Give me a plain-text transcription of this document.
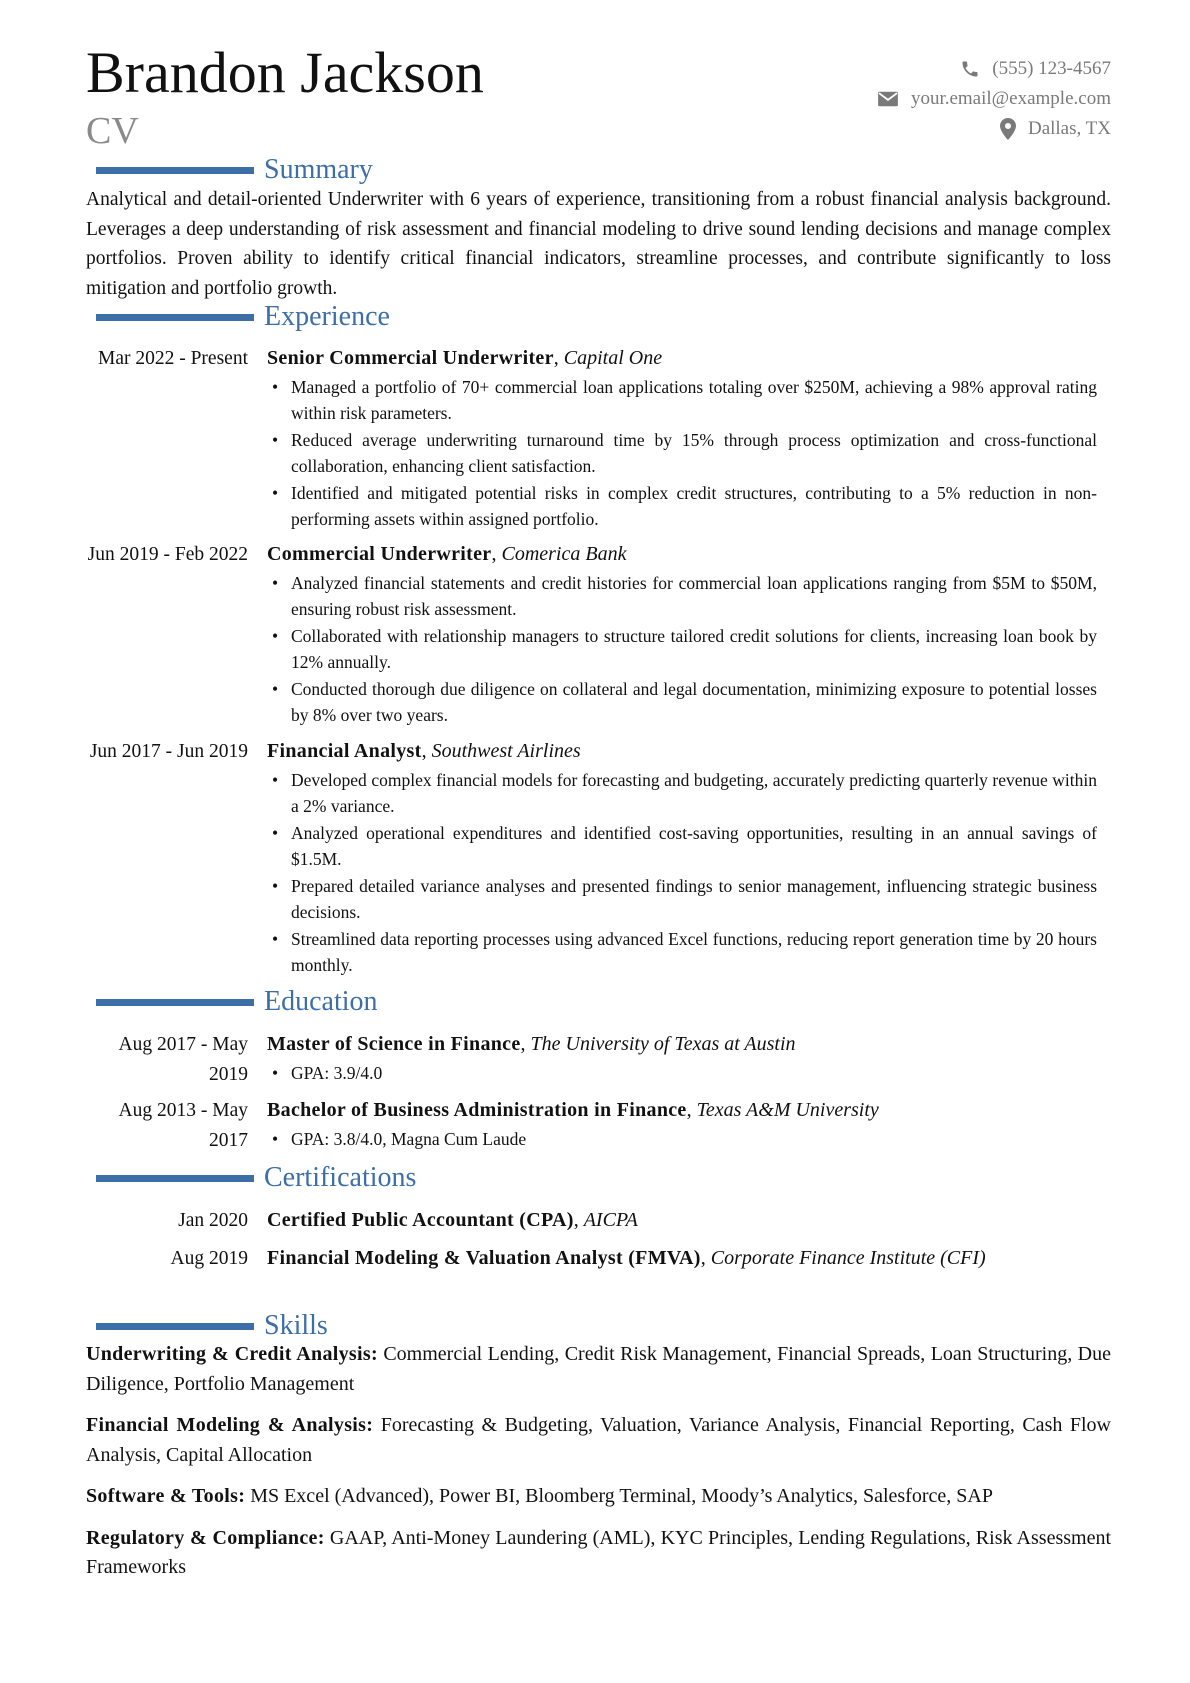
Brandon Jackson
CV
(555) 123-4567
your.email@example.com
Dallas, TX
Summary
Analytical and detail-oriented Underwriter with 6 years of experience, transitioning from a robust financial analysis background. Leverages a deep understanding of risk assessment and financial modeling to drive sound lending decisions and manage complex portfolios. Proven ability to identify critical financial indicators, streamline processes, and contribute significantly to loss mitigation and portfolio growth.
Experience
Mar 2022 - Present Senior Commercial Underwriter, Capital One
• Managed a portfolio of 70+ commercial loan applications totaling over $250M, achieving a 98% approval rating within risk parameters.
• Reduced average underwriting turnaround time by 15% through process optimization and cross-functional collaboration, enhancing client satisfaction.
• Identified and mitigated potential risks in complex credit structures, contributing to a 5% reduction in non-performing assets within assigned portfolio.
Jun 2019 - Feb 2022 Commercial Underwriter, Comerica Bank
• Analyzed financial statements and credit histories for commercial loan applications ranging from $5M to $50M, ensuring robust risk assessment.
• Collaborated with relationship managers to structure tailored credit solutions for clients, increasing loan book by 12% annually.
• Conducted thorough due diligence on collateral and legal documentation, minimizing exposure to potential losses by 8% over two years.
Jun 2017 - Jun 2019 Financial Analyst, Southwest Airlines
• Developed complex financial models for forecasting and budgeting, accurately predicting quarterly revenue within a 2% variance.
• Analyzed operational expenditures and identified cost-saving opportunities, resulting in an annual savings of $1.5M.
• Prepared detailed variance analyses and presented findings to senior management, influencing strategic business decisions.
• Streamlined data reporting processes using advanced Excel functions, reducing report generation time by 20 hours monthly.
Education
Aug 2017 - May 2019
Master of Science in Finance, The University of Texas at Austin
• GPA: 3.9/4.0
Aug 2013 - May 2017
Bachelor of Business Administration in Finance, Texas A&M University
• GPA: 3.8/4.0, Magna Cum Laude
Certifications
Jan 2020 Certified Public Accountant (CPA), AICPA
Aug 2019 Financial Modeling & Valuation Analyst (FMVA), Corporate Finance Institute (CFI)
Skills
Underwriting & Credit Analysis: Commercial Lending, Credit Risk Management, Financial Spreads, Loan Structuring, Due Diligence, Portfolio Management
Financial Modeling & Analysis: Forecasting & Budgeting, Valuation, Variance Analysis, Financial Reporting, Cash Flow Analysis, Capital Allocation
Software & Tools: MS Excel (Advanced), Power BI, Bloomberg Terminal, Moody’s Analytics, Salesforce, SAP
Regulatory & Compliance: GAAP, Anti-Money Laundering (AML), KYC Principles, Lending Regulations, Risk Assessment Frameworks
